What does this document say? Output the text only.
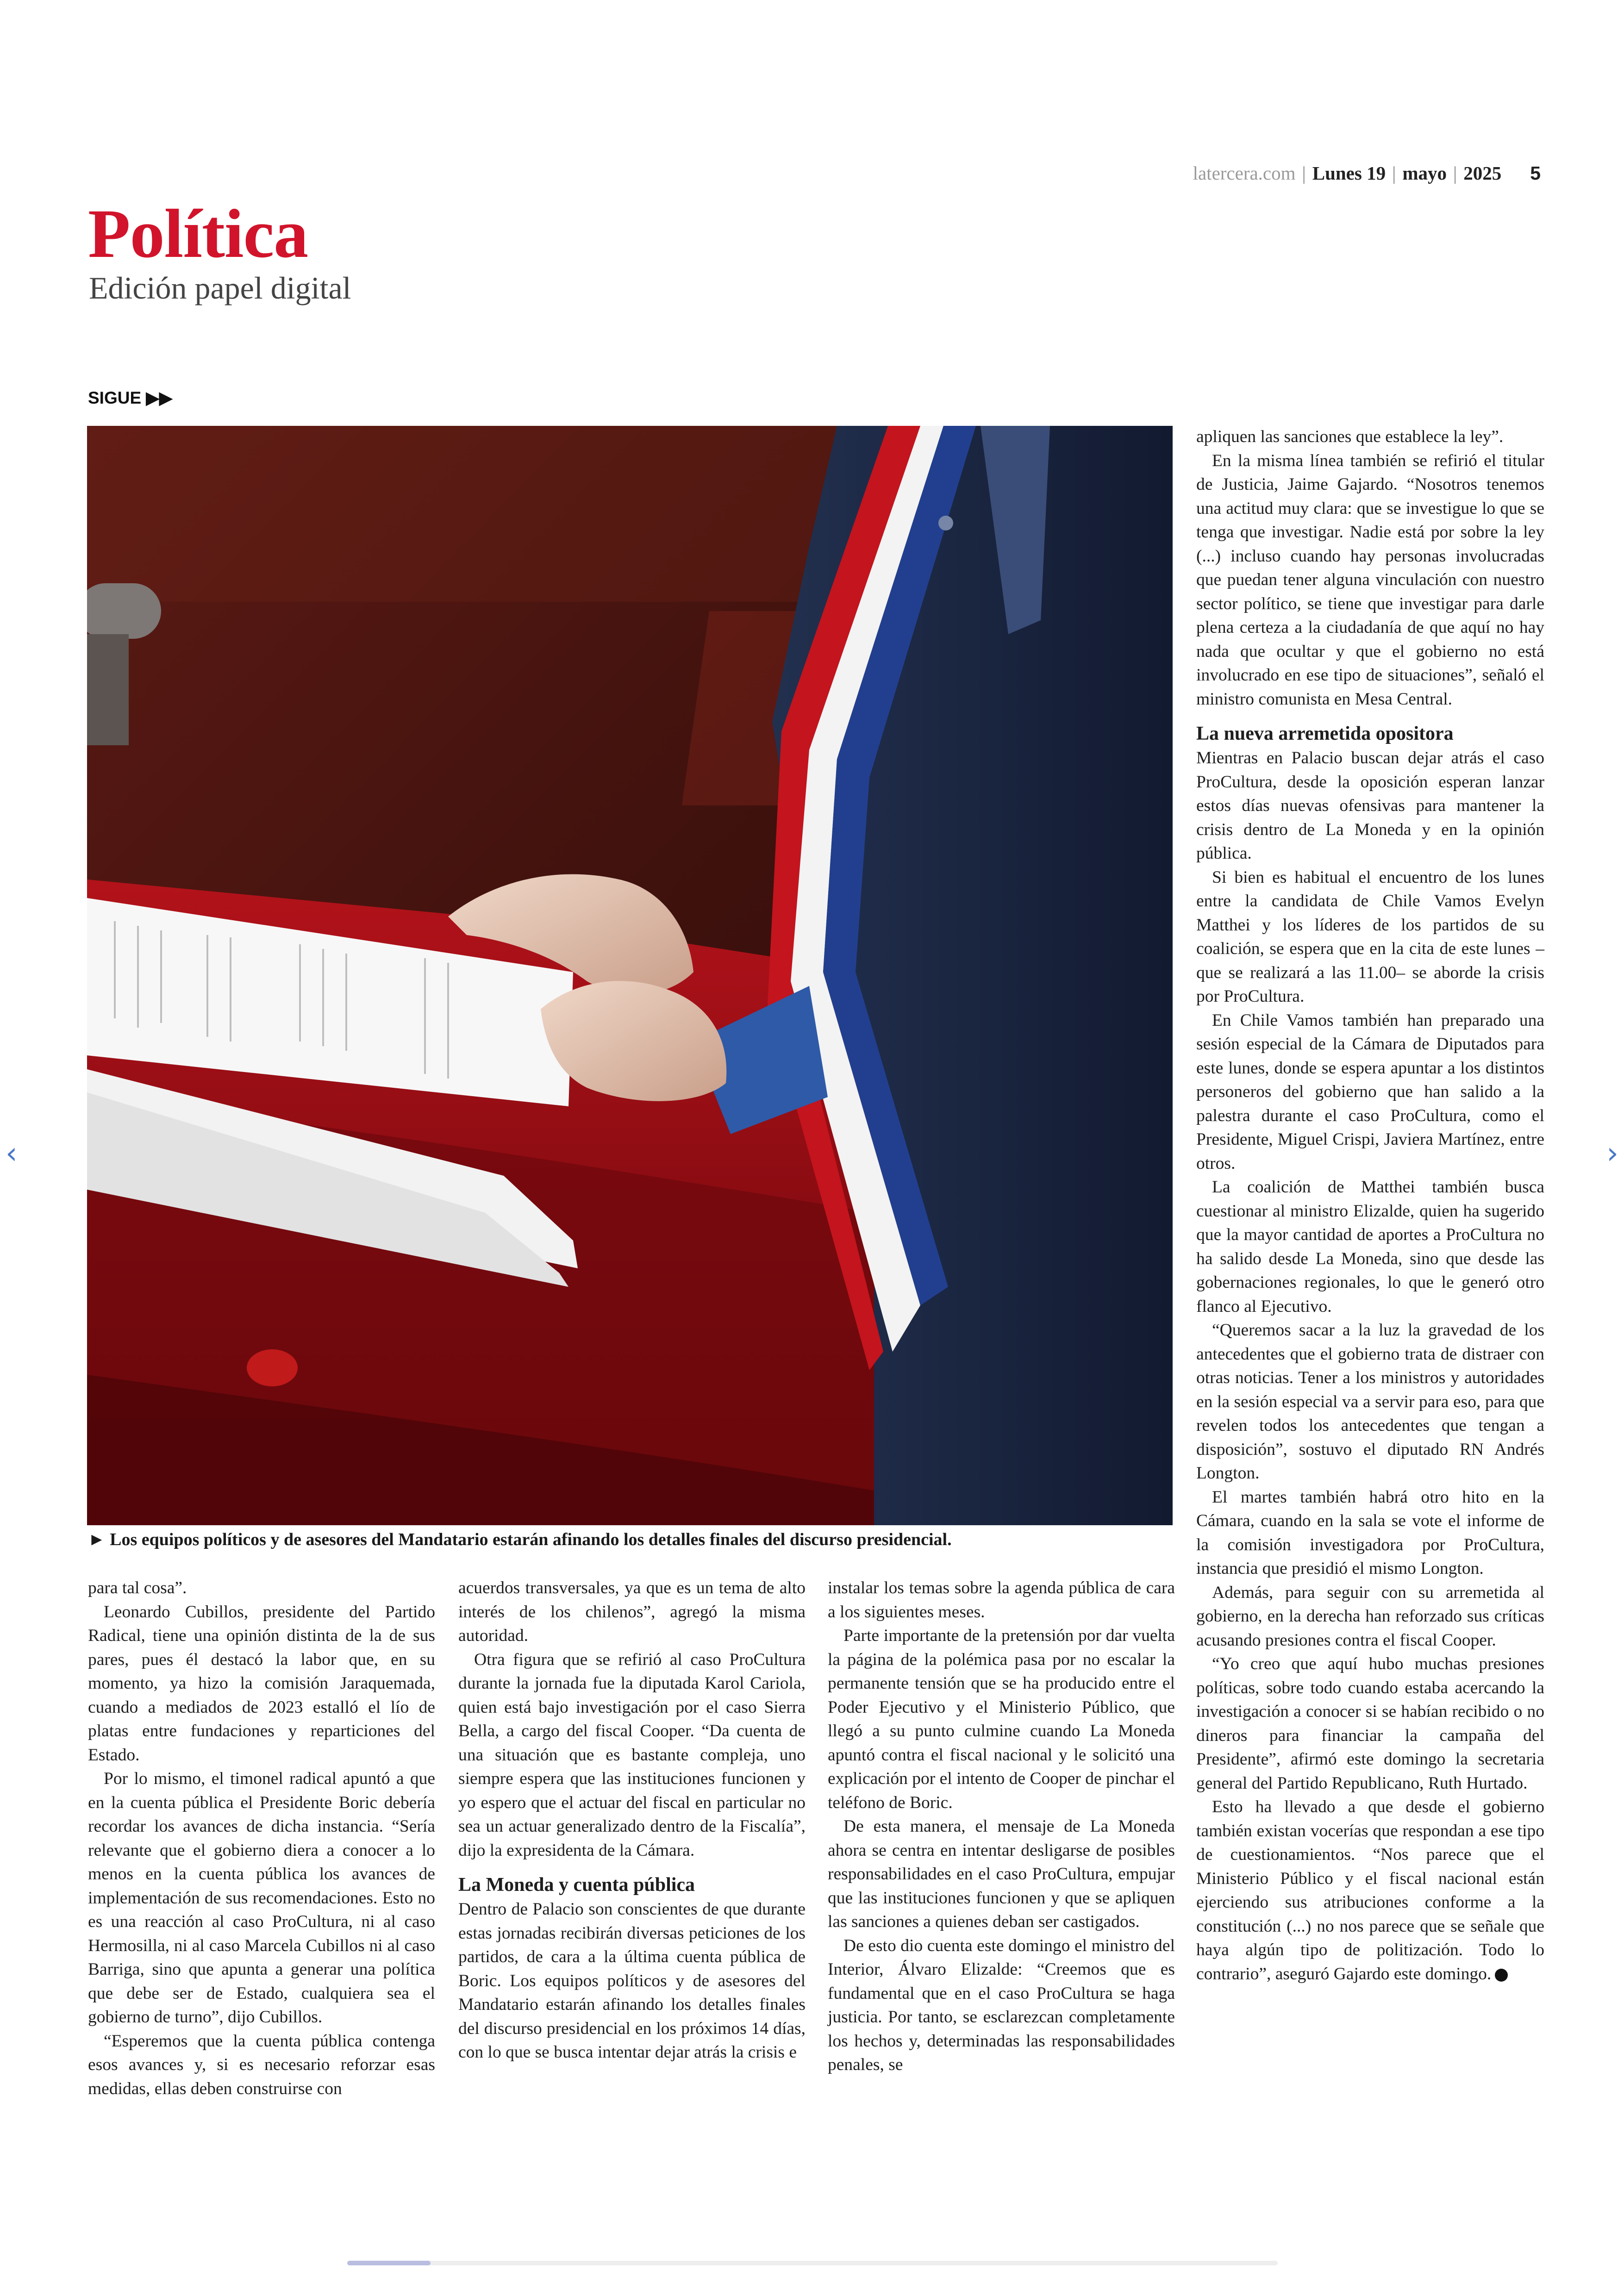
latercera.com | Lunes 19 | mayo | 2025 5
Política
Edición papel digital
SIGUE ▶▶
► Los equipos políticos y de asesores del Mandatario estarán afinando los detalles finales del discurso presidencial.

para tal cosa”.

Leonardo Cubillos, presidente del Partido Radical, tiene una opinión distinta de la de sus pares, pues él destacó la labor que, en su momento, ya hizo la comisión Jaraquemada, cuando a mediados de 2023 estalló el lío de platas entre fundaciones y reparticiones del Estado.

Por lo mismo, el timonel radical apuntó a que en la cuenta pública el Presidente Boric debería recordar los avances de dicha instancia. “Sería relevante que el gobierno diera a conocer a lo menos en la cuenta pública los avances de implementación de sus recomendaciones. Esto no es una reacción al caso ProCultura, ni al caso Hermosilla, ni al caso Marcela Cubillos ni al caso Barriga, sino que apunta a generar una política que debe ser de Estado, cualquiera sea el gobierno de turno”, dijo Cubillos.

“Esperemos que la cuenta pública contenga esos avances y, si es necesario reforzar esas medidas, ellas deben construirse con

acuerdos transversales, ya que es un tema de alto interés de los chilenos”, agregó la misma autoridad.

Otra figura que se refirió al caso ProCultura durante la jornada fue la diputada Karol Cariola, quien está bajo investigación por el caso Sierra Bella, a cargo del fiscal Cooper. “Da cuenta de una situación que es bastante compleja, uno siempre espera que las instituciones funcionen y yo espero que el actuar del fiscal en particular no sea un actuar generalizado dentro de la Fiscalía”, dijo la expresidenta de la Cámara.

La Moneda y cuenta pública

Dentro de Palacio son conscientes de que durante estas jornadas recibirán diversas peticiones de los partidos, de cara a la última cuenta pública de Boric. Los equipos políticos y de asesores del Mandatario estarán afinando los detalles finales del discurso presidencial en los próximos 14 días, con lo que se busca intentar dejar atrás la crisis e

instalar los temas sobre la agenda pública de cara a los siguientes meses.

Parte importante de la pretensión por dar vuelta la página de la polémica pasa por no escalar la permanente tensión que se ha producido entre el Poder Ejecutivo y el Ministerio Público, que llegó a su punto culmine cuando La Moneda apuntó contra el fiscal nacional y le solicitó una explicación por el intento de Cooper de pinchar el teléfono de Boric.

De esta manera, el mensaje de La Moneda ahora se centra en intentar desligarse de posibles responsabilidades en el caso ProCultura, empujar que las instituciones funcionen y que se apliquen las sanciones a quienes deban ser castigados.

De esto dio cuenta este domingo el ministro del Interior, Álvaro Elizalde: “Creemos que es fundamental que en el caso ProCultura se haga justicia. Por tanto, se esclarezcan completamente los hechos y, determinadas las responsabilidades penales, se

apliquen las sanciones que establece la ley”.

En la misma línea también se refirió el titular de Justicia, Jaime Gajardo. “Nosotros tenemos una actitud muy clara: que se investigue lo que se tenga que investigar. Nadie está por sobre la ley (...) incluso cuando hay personas involucradas que puedan tener alguna vinculación con nuestro sector político, se tiene que investigar para darle plena certeza a la ciudadanía de que aquí no hay nada que ocultar y que el gobierno no está involucrado en ese tipo de situaciones”, señaló el ministro comunista en Mesa Central.

La nueva arremetida opositora

Mientras en Palacio buscan dejar atrás el caso ProCultura, desde la oposición esperan lanzar estos días nuevas ofensivas para mantener la crisis dentro de La Moneda y en la opinión pública.

Si bien es habitual el encuentro de los lunes entre la candidata de Chile Vamos Evelyn Matthei y los líderes de los partidos de su coalición, se espera que en la cita de este lunes –que se realizará a las 11.00– se aborde la crisis por ProCultura.

En Chile Vamos también han preparado una sesión especial de la Cámara de Diputados para este lunes, donde se espera apuntar a los distintos personeros del gobierno que han salido a la palestra durante el caso ProCultura, como el Presidente, Miguel Crispi, Javiera Martínez, entre otros.

La coalición de Matthei también busca cuestionar al ministro Elizalde, quien ha sugerido que la mayor cantidad de aportes a ProCultura no ha salido desde La Moneda, sino que desde las gobernaciones regionales, lo que le generó otro flanco al Ejecutivo.

“Queremos sacar a la luz la gravedad de los antecedentes que el gobierno trata de distraer con otras noticias. Tener a los ministros y autoridades en la sesión especial va a servir para eso, para que revelen todos los antecedentes que tengan a disposición”, sostuvo el diputado RN Andrés Longton.

El martes también habrá otro hito en la Cámara, cuando en la sala se vote el informe de la comisión investigadora por ProCultura, instancia que presidió el mismo Longton.

Además, para seguir con su arremetida al gobierno, en la derecha han reforzado sus críticas acusando presiones contra el fiscal Cooper.

“Yo creo que aquí hubo muchas presiones políticas, sobre todo cuando estaba acercando la investigación a conocer si se habían recibido o no dineros para financiar la campaña del Presidente”, afirmó este domingo la secretaria general del Partido Republicano, Ruth Hurtado.

Esto ha llevado a que desde el gobierno también existan vocerías que respondan a ese tipo de cuestionamientos. “Nos parece que el Ministerio Público y el fiscal nacional están ejerciendo sus atribuciones conforme a la constitución (...) no nos parece que se señale que haya algún tipo de politización. Todo lo contrario”, aseguró Gajardo este domingo.

‹	›
